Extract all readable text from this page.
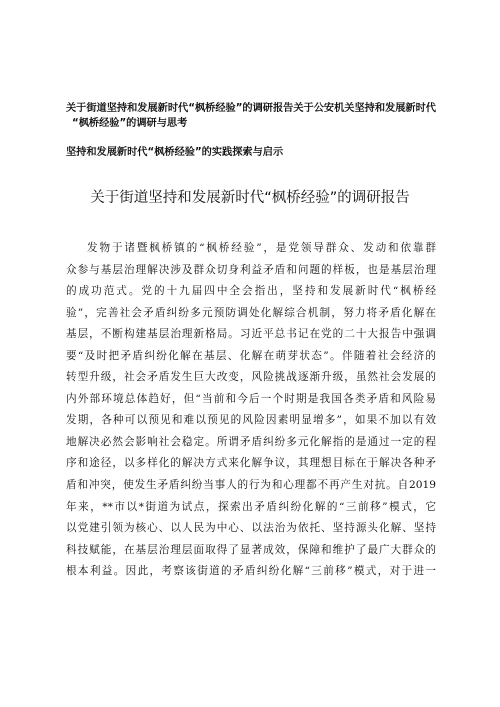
关于街道坚持和发展新时代“枫桥经验”的调研报告关于公安机关坚持和发展新时代
“枫桥经验”的调研与思考
坚持和发展新时代“枫桥经验”的实践探索与启示
关于街道坚持和发展新时代“枫桥经验”的调研报告
发物于诸暨枫桥镇的“枫桥经验”，是党领导群众、发动和依靠群
众参与基层治理解决涉及群众切身利益矛盾和问题的样板，也是基层治理
的成功范式。党的十九届四中全会指出，坚持和发展新时代“枫桥经
验”，完善社会矛盾纠纷多元预防调处化解综合机制，努力将矛盾化解在
基层，不断构建基层治理新格局。习近平总书记在党的二十大报告中强调
要“及时把矛盾纠纷化解在基层、化解在萌芽状态”。伴随着社会经济的
转型升级，社会矛盾发生巨大改变，风险挑战逐渐升级，虽然社会发展的
内外部环境总体趋好，但“当前和今后一个时期是我国各类矛盾和风险易
发期，各种可以预见和难以预见的风险因素明显增多”，如果不加以有效
地解决必然会影响社会稳定。所谓矛盾纠纷多元化解指的是通过一定的程
序和途径，以多样化的解决方式来化解争议，其理想目标在于解决各种矛
盾和冲突，使发生矛盾纠纷当事人的行为和心理都不再产生对抗。自2019
年来，**市以*街道为试点，探索出矛盾纠纷化解的“三前移”模式，它
以党建引领为核心、以人民为中心、以法治为依托、坚持源头化解、坚持
科技赋能，在基层治理层面取得了显著成效，保障和维护了最广大群众的
根本利益。因此，考察该街道的矛盾纠纷化解“三前移”模式，对于进一
